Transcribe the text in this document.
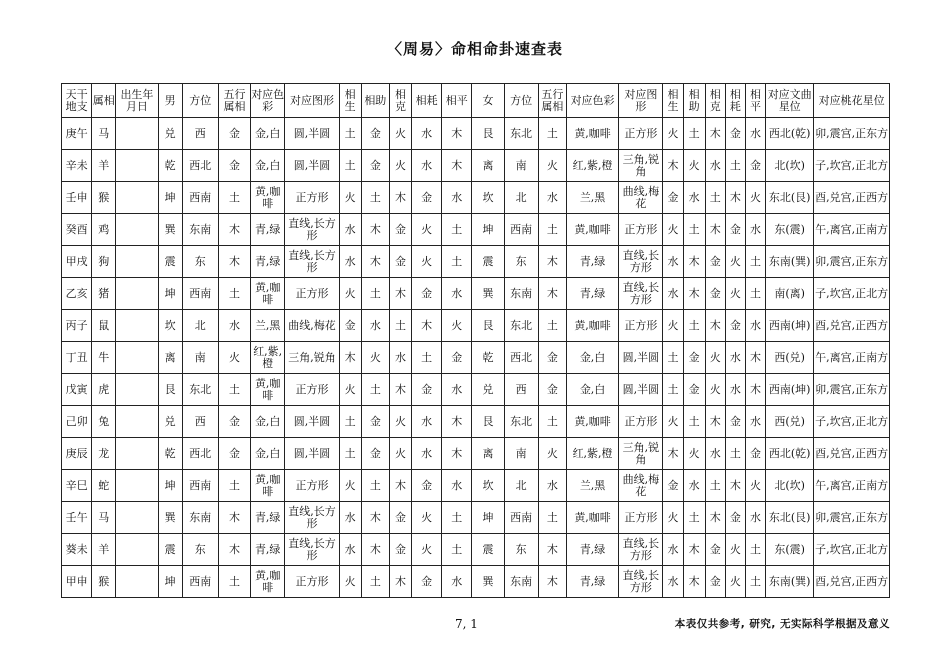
〈周易〉命相命卦速查表
天干地支	属相	出生年月日	男	方位	五行属相	对应色彩	对应图形	相生	相助	相克	相耗	相平	女	方位	五行属相	对应色彩	对应图形	相生	相助	相克	相耗	相平	对应文曲星位	对应桃花星位
庚午	马		兑	西	金	金,白	圆,半圆	土	金	火	水	木	艮	东北	土	黄,咖啡	正方形	火	土	木	金	水	西北(乾)	卯,震宫,正东方
辛未	羊		乾	西北	金	金,白	圆,半圆	土	金	火	水	木	离	南	火	红,紫,橙	三角,锐角	木	火	水	土	金	北(坎)	子,坎宫,正北方
壬申	猴		坤	西南	土	黄,咖啡	正方形	火	土	木	金	水	坎	北	水	兰,黑	曲线,梅花	金	水	土	木	火	东北(艮)	酉,兑宫,正西方
癸酉	鸡		巽	东南	木	青,绿	直线,长方形	水	木	金	火	土	坤	西南	土	黄,咖啡	正方形	火	土	木	金	水	东(震)	午,离宫,正南方
甲戌	狗		震	东	木	青,绿	直线,长方形	水	木	金	火	土	震	东	木	青,绿	直线,长方形	水	木	金	火	土	东南(巽)	卯,震宫,正东方
乙亥	猪		坤	西南	土	黄,咖啡	正方形	火	土	木	金	水	巽	东南	木	青,绿	直线,长方形	水	木	金	火	土	南(离)	子,坎宫,正北方
丙子	鼠		坎	北	水	兰,黑	曲线,梅花	金	水	土	木	火	艮	东北	土	黄,咖啡	正方形	火	土	木	金	水	西南(坤)	酉,兑宫,正西方
丁丑	牛		离	南	火	红,紫,橙	三角,锐角	木	火	水	土	金	乾	西北	金	金,白	圆,半圆	土	金	火	水	木	西(兑)	午,离宫,正南方
戊寅	虎		艮	东北	土	黄,咖啡	正方形	火	土	木	金	水	兑	西	金	金,白	圆,半圆	土	金	火	水	木	西南(坤)	卯,震宫,正东方
己卯	兔		兑	西	金	金,白	圆,半圆	土	金	火	水	木	艮	东北	土	黄,咖啡	正方形	火	土	木	金	水	西(兑)	子,坎宫,正北方
庚辰	龙		乾	西北	金	金,白	圆,半圆	土	金	火	水	木	离	南	火	红,紫,橙	三角,锐角	木	火	水	土	金	西北(乾)	酉,兑宫,正西方
辛巳	蛇		坤	西南	土	黄,咖啡	正方形	火	土	木	金	水	坎	北	水	兰,黑	曲线,梅花	金	水	土	木	火	北(坎)	午,离宫,正南方
壬午	马		巽	东南	木	青,绿	直线,长方形	水	木	金	火	土	坤	西南	土	黄,咖啡	正方形	火	土	木	金	水	东北(艮)	卯,震宫,正东方
葵未	羊		震	东	木	青,绿	直线,长方形	水	木	金	火	土	震	东	木	青,绿	直线,长方形	水	木	金	火	土	东(震)	子,坎宫,正北方
甲申	猴		坤	西南	土	黄,咖啡	正方形	火	土	木	金	水	巽	东南	木	青,绿	直线,长方形	水	木	金	火	土	东南(巽)	酉,兑宫,正西方
7, 1	本表仅共参考, 研究, 无实际科学根据及意义
